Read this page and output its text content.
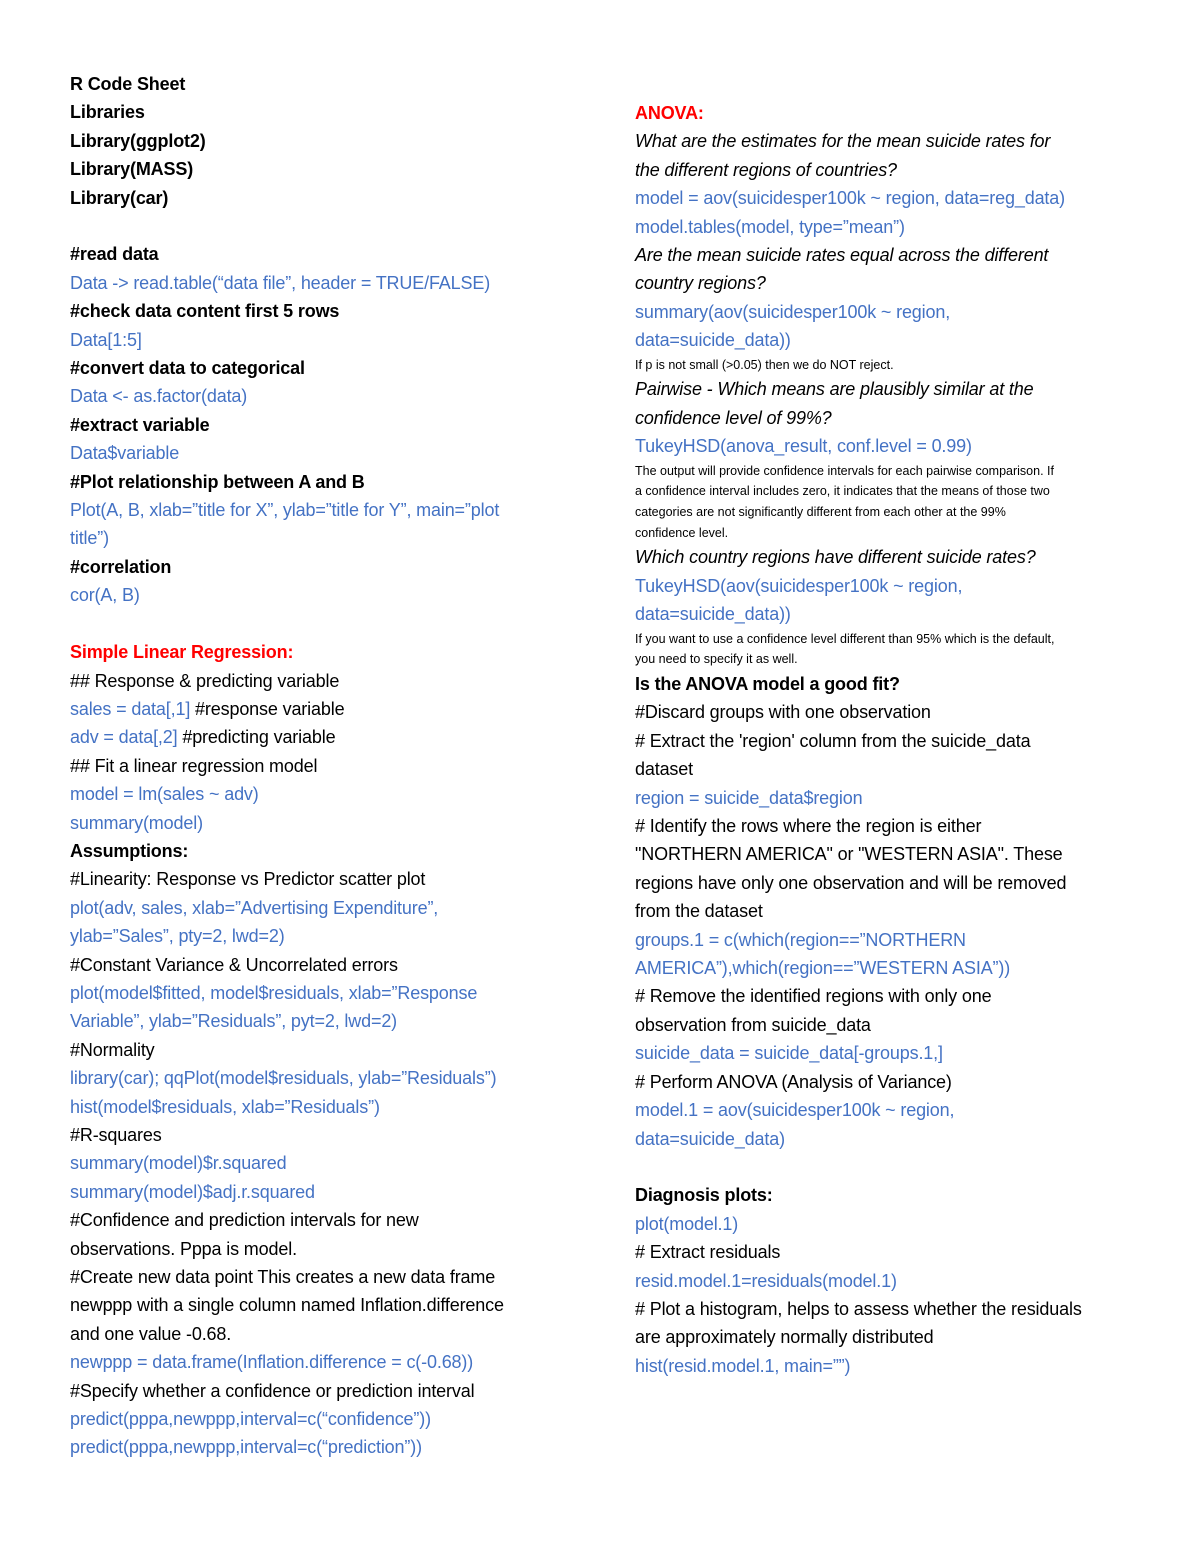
R Code Sheet
Libraries
Library(ggplot2)
Library(MASS)
Library(car)
#read data
Data -> read.table(“data file”, header = TRUE/FALSE)
#check data content first 5 rows
Data[1:5]
#convert data to categorical
Data <- as.factor(data)
#extract variable
Data$variable
#Plot relationship between A and B
Plot(A, B, xlab=”title for X”, ylab=”title for Y”, main=”plot
title”)
#correlation
cor(A, B)
Simple Linear Regression:
## Response & predicting variable
sales = data[,1] #response variable
adv = data[,2] #predicting variable
## Fit a linear regression model
model = lm(sales ~ adv)
summary(model)
Assumptions:
#Linearity: Response vs Predictor scatter plot
plot(adv, sales, xlab=”Advertising Expenditure”,
ylab=”Sales”, pty=2, lwd=2)
#Constant Variance & Uncorrelated errors
plot(model$fitted, model$residuals, xlab=”Response
Variable”, ylab=”Residuals”, pyt=2, lwd=2)
#Normality
library(car); qqPlot(model$residuals, ylab=”Residuals”)
hist(model$residuals, xlab=”Residuals”)
#R-squares
summary(model)$r.squared
summary(model)$adj.r.squared
#Confidence and prediction intervals for new
observations. Pppa is model.
#Create new data point This creates a new data frame
newppp with a single column named Inflation.difference
and one value -0.68.
newppp = data.frame(Inflation.difference = c(-0.68))
#Specify whether a confidence or prediction interval
predict(pppa,newppp,interval=c(“confidence”))
predict(pppa,newppp,interval=c(“prediction”))
ANOVA:
What are the estimates for the mean suicide rates for
the different regions of countries?
model = aov(suicidesper100k ~ region, data=reg_data)
model.tables(model, type=”mean”)
Are the mean suicide rates equal across the different
country regions?
summary(aov(suicidesper100k ~ region,
data=suicide_data))
If p is not small (>0.05) then we do NOT reject.
Pairwise - Which means are plausibly similar at the
confidence level of 99%?
TukeyHSD(anova_result, conf.level = 0.99)
The output will provide confidence intervals for each pairwise comparison. If
a confidence interval includes zero, it indicates that the means of those two
categories are not significantly different from each other at the 99%
confidence level.
Which country regions have different suicide rates?
TukeyHSD(aov(suicidesper100k ~ region,
data=suicide_data))
If you want to use a confidence level different than 95% which is the default,
you need to specify it as well.
Is the ANOVA model a good fit?
#Discard groups with one observation
# Extract the 'region' column from the suicide_data
dataset
region = suicide_data$region
# Identify the rows where the region is either
"NORTHERN AMERICA" or "WESTERN ASIA". These
regions have only one observation and will be removed
from the dataset
groups.1 = c(which(region==”NORTHERN
AMERICA”),which(region==”WESTERN ASIA”))
# Remove the identified regions with only one
observation from suicide_data
suicide_data = suicide_data[-groups.1,]
# Perform ANOVA (Analysis of Variance)
model.1 = aov(suicidesper100k ~ region,
data=suicide_data)
Diagnosis plots:
plot(model.1)
# Extract residuals
resid.model.1=residuals(model.1)
# Plot a histogram, helps to assess whether the residuals
are approximately normally distributed
hist(resid.model.1, main=””)
